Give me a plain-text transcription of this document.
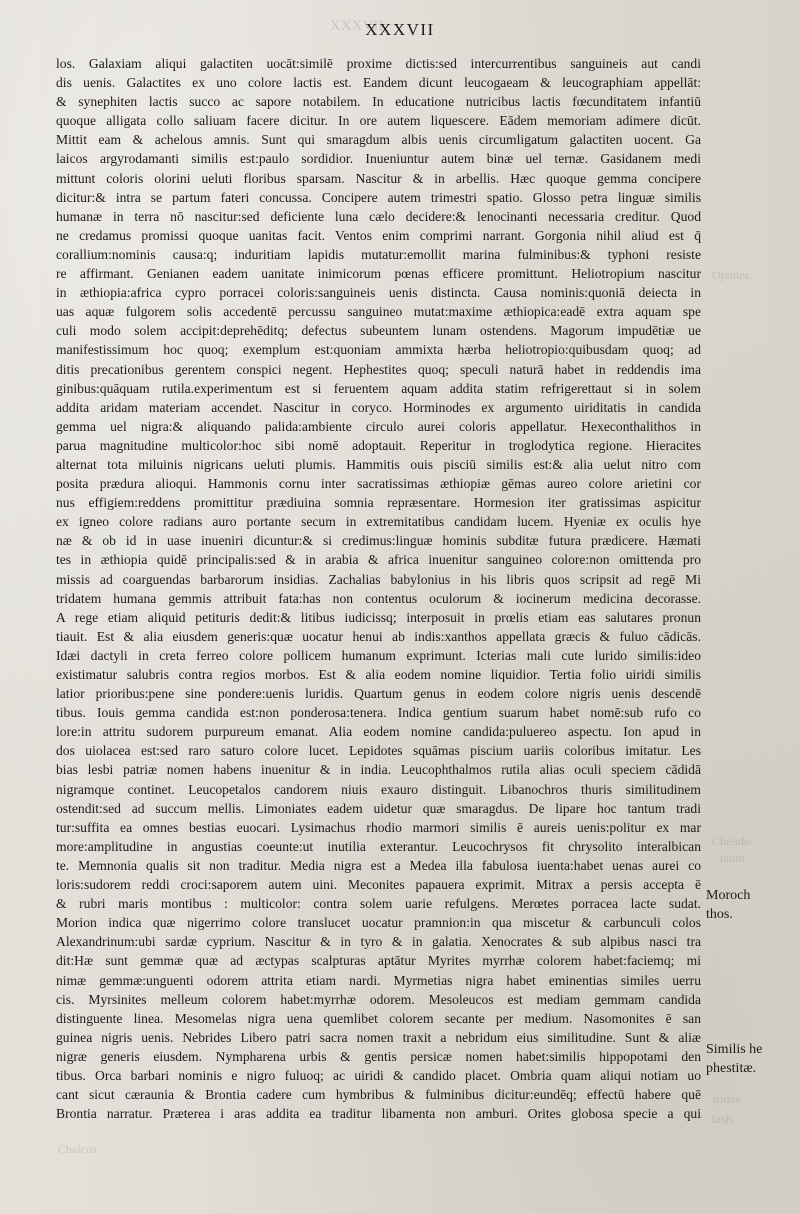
XXXVII
Ophites.
Chelido-
nium.
Iridos
lasis
Chalcos
XXXVII
los. Galaxiam aliqui galactiten uocāt:similē proxime dictis:sed intercurrentibus sanguineis aut candi
dis uenis. Galactites ex uno colore lactis est. Eandem dicunt leucogaeam & leucographiam appellāt:
& synephiten lactis succo ac sapore notabilem. In educatione nutricibus lactis fœcunditatem infantiū
quoque alligata collo saliuam facere dicitur. In ore autem liquescere. Eādem memoriam adimere dicūt.
Mittit eam & achelous amnis. Sunt qui smaragdum albis uenis circumligatum galactiten uocent. Ga
laicos argyrodamanti similis est:paulo sordidior. Inueniuntur autem binæ uel ternæ. Gasidanem medi
mittunt coloris olorini ueluti floribus sparsam. Nascitur & in arbellis. Hæc quoque gemma concipere
dicitur:& intra se partum fateri concussa. Concipere autem trimestri spatio. Glosso petra linguæ similis
humanæ in terra nō nascitur:sed deficiente luna cælo decidere:& lenocinanti necessaria creditur. Quod
ne credamus promissi quoque uanitas facit. Ventos enim comprimi narrant. Gorgonia nihil aliud est q̄
corallium:nominis causa:q; induritiam lapidis mutatur:emollit marina fulminibus:& typhoni resiste
re affirmant. Genianen eadem uanitate inimicorum pœnas efficere promittunt. Heliotropium nascitur
in æthiopia:africa cypro porracei coloris:sanguineis uenis distincta. Causa nominis:quoniā deiecta in
uas aquæ fulgorem solis accedentē percussu sanguineo mutat:maxime æthiopica:eadē extra aquam spe
culi modo solem accipit:deprehēditq; defectus subeuntem lunam ostendens. Magorum impudētiæ ue
manifestissimum hoc quoq; exemplum est:quoniam ammixta hærba heliotropio:quibusdam quoq; ad
ditis precationibus gerentem conspici negent. Hephestites quoq; speculi naturā habet in reddendis ima
ginibus:quāquam rutila.experimentum est si feruentem aquam addita statim refrigerettaut si in solem
addita aridam materiam accendet. Nascitur in coryco. Horminodes ex argumento uiriditatis in candida
gemma uel nigra:& aliquando palida:ambiente circulo aurei coloris appellatur. Hexeconthalithos in
parua magnitudine multicolor:hoc sibi nomē adoptauit. Reperitur in troglodytica regione. Hieracites
alternat tota miluinis nigricans ueluti plumis. Hammitis ouis pisciū similis est:& alia uelut nitro com
posita prædura alioqui. Hammonis cornu inter sacratissimas æthiopiæ gēmas aureo colore arietini cor
nus effigiem:reddens promittitur prædiuina somnia repræsentare. Hormesion iter gratissimas aspicitur
ex igneo colore radians auro portante secum in extremitatibus candidam lucem. Hyeniæ ex oculis hye
næ & ob id in uase inueniri dicuntur:& si credimus:linguæ hominis subditæ futura prædicere. Hæmati
tes in æthiopia quidē principalis:sed & in arabia & africa inuenitur sanguineo colore:non omittenda pro
missis ad coarguendas barbarorum insidias. Zachalias babylonius in his libris quos scripsit ad regē Mi
tridatem humana gemmis attribuit fata:has non contentus oculorum & iocinerum medicina decorasse.
A rege etiam aliquid petituris dedit:& litibus iudicissq; interposuit in prœlis etiam eas salutares pronun
tiauit. Est & alia eiusdem generis:quæ uocatur henui ab indis:xanthos appellata græcis & fuluo cādicās.
Idæi dactyli in creta ferreo colore pollicem humanum exprimunt. Icterias mali cute lurido similis:ideo
existimatur salubris contra regios morbos. Est & alia eodem nomine liquidior. Tertia folio uiridi similis
latior prioribus:pene sine pondere:uenis luridis. Quartum genus in eodem colore nigris uenis descendē
tibus. Iouis gemma candida est:non ponderosa:tenera. Indica gentium suarum habet nomē:sub rufo co
lore:in attritu sudorem purpureum emanat. Alia eodem nomine candida:puluereo aspectu. Ion apud in
dos uiolacea est:sed raro saturo colore lucet. Lepidotes squāmas piscium uariis coloribus imitatur. Les
bias lesbi patriæ nomen habens inuenitur & in india. Leucophthalmos rutila alias oculi speciem cādidā
nigramque continet. Leucopetalos candorem niuis exauro distinguit. Libanochros thuris similitudinem
ostendit:sed ad succum mellis. Limoniates eadem uidetur quæ smaragdus. De lipare hoc tantum tradi
tur:suffita ea omnes bestias euocari. Lysimachus rhodio marmori similis ē aureis uenis:politur ex mar
more:amplitudine in angustias coeunte:ut inutilia exterantur. Leucochrysos fit chrysolito interalbican
te. Memnonia qualis sit non traditur. Media nigra est a Medea illa fabulosa iuenta:habet uenas aurei co
loris:sudorem reddi croci:saporem autem uini. Meconites papauera exprimit. Mitrax a persis accepta ē
& rubri maris montibus : multicolor: contra solem uarie refulgens. Merœtes porracea lacte sudat.
Morion indica quæ nigerrimo colore translucet uocatur pramnion:in qua miscetur & carbunculi colos
Alexandrinum:ubi sardæ cyprium. Nascitur & in tyro & in galatia. Xenocrates & sub alpibus nasci tra
dit:Hæ sunt gemmæ quæ ad æctypas scalpturas aptātur Myrites myrrhæ colorem habet:faciemq; mi
nimæ gemmæ:unguenti odorem attrita etiam nardi. Myrmetias nigra habet eminentias similes uerru
cis. Myrsinites melleum colorem habet:myrrhæ odorem. Mesoleucos est mediam gemmam candida
distinguente linea. Mesomelas nigra uena quemlibet colorem secante per medium. Nasomonites ē san
guinea nigris uenis. Nebrides Libero patri sacra nomen traxit a nebridum eius similitudine. Sunt & aliæ
nigræ generis eiusdem. Nympharena urbis & gentis persicæ nomen habet:similis hippopotami den
tibus. Orca barbari nominis e nigro fuluoq; ac uiridi & candido placet. Ombria quam aliqui notiam uo
cant sicut cæraunia & Brontia cadere cum hymbribus & fulminibus dicitur:eundēq; effectū habere quē
Brontia narratur. Præterea i aras addita ea traditur libamenta non amburi. Orites globosa specie a qui
Moroch
thos.
Similis he
phestitæ.
